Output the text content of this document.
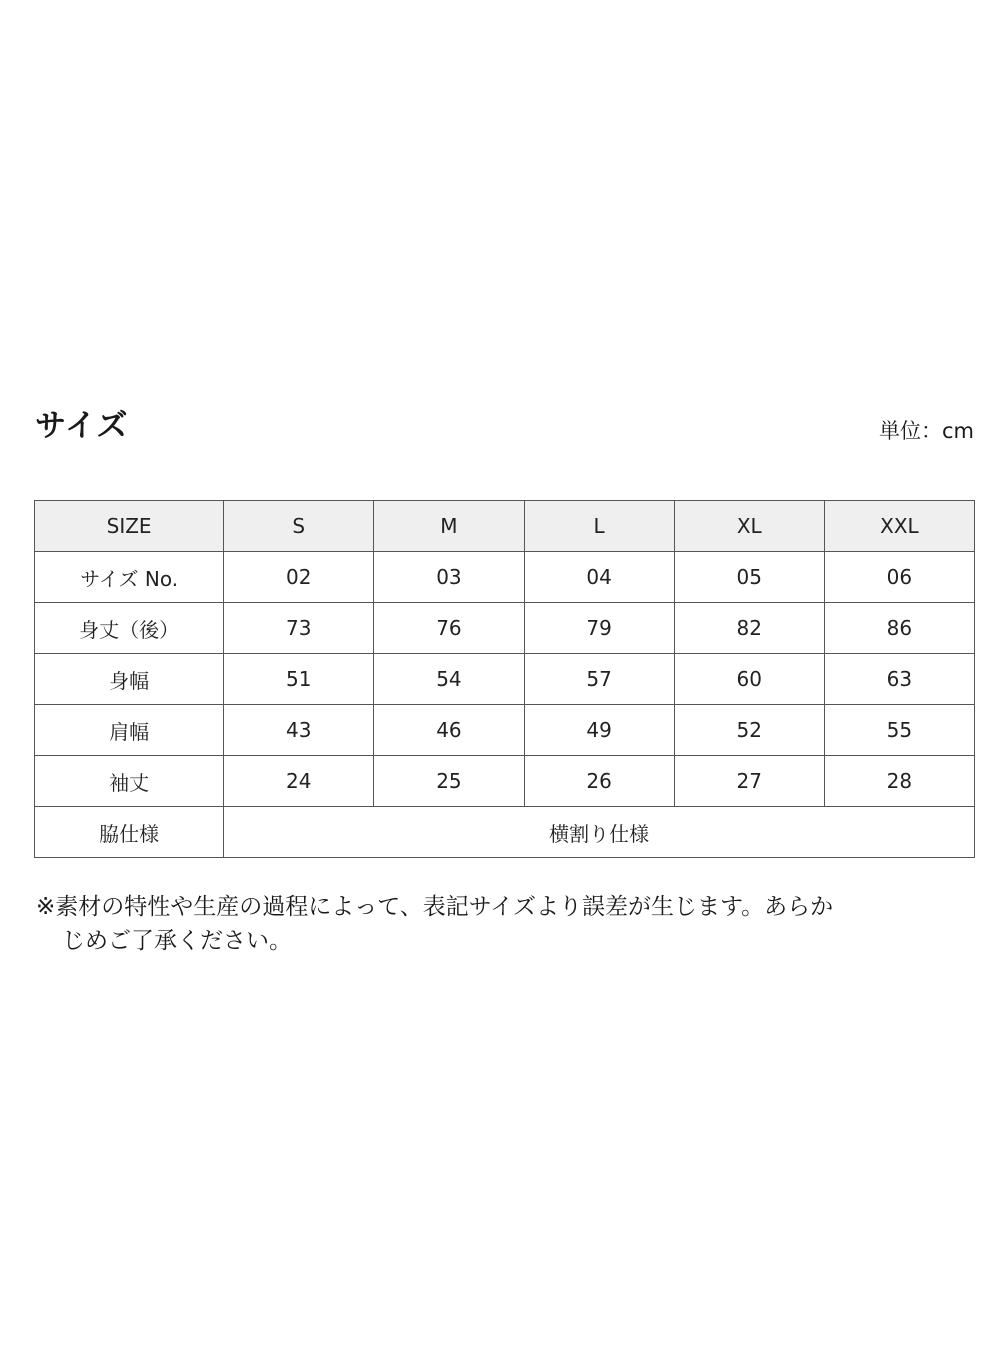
サイズ	単位：cm
SIZE	S	M	L	XL	XXL
サイズ No.	02	03	04	05	06
身丈（後）	73	76	79	82	86
身幅	51	54	57	60	63
肩幅	43	46	49	52	55
袖丈	24	25	26	27	28
脇仕様	横割り仕様				
※素材の特性や生産の過程によって、表記サイズより誤差が生じます。あらか
じめご了承ください。
